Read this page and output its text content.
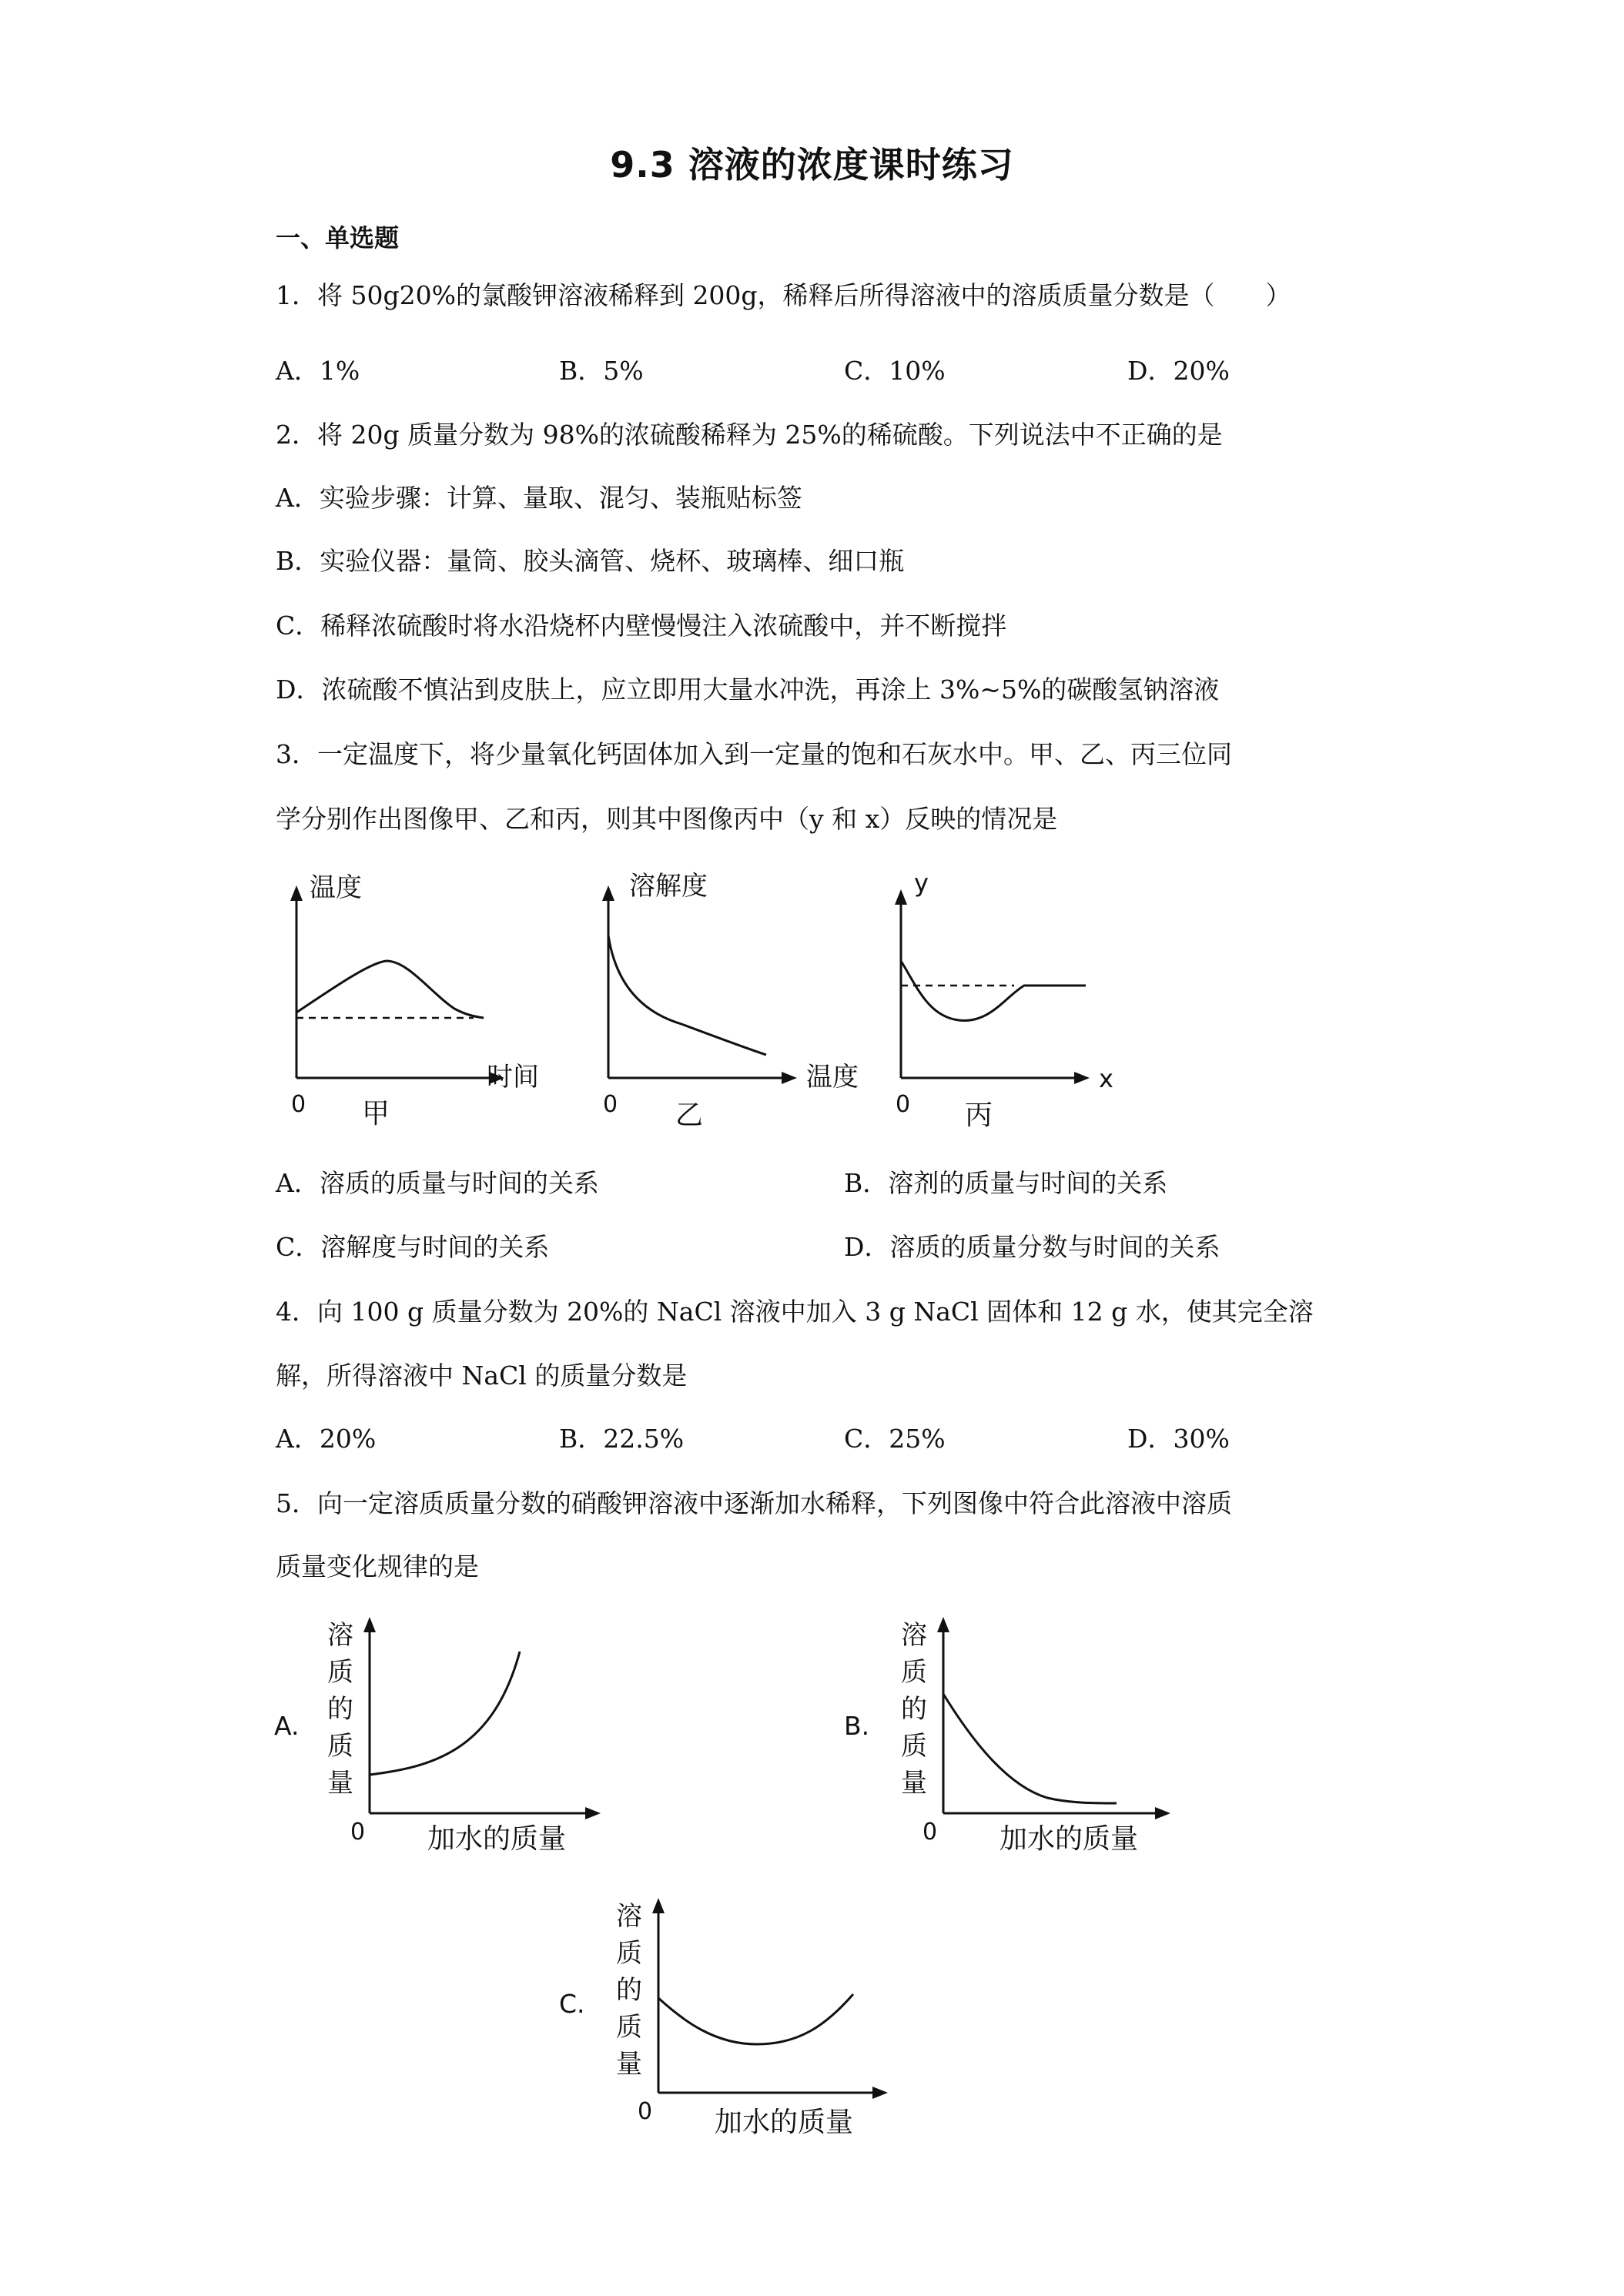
9.3 溶液的浓度课时练习
一、单选题
1．将 50g20%的氯酸钾溶液稀释到 200g，稀释后所得溶液中的溶质质量分数是（　　）
A．1%	B．5%	C．10%	D．20%
2．将 20g 质量分数为 98%的浓硫酸稀释为 25%的稀硫酸。下列说法中不正确的是
A．实验步骤：计算、量取、混匀、装瓶贴标签
B．实验仪器：量筒、胶头滴管、烧杯、玻璃棒、细口瓶
C．稀释浓硫酸时将水沿烧杯内壁慢慢注入浓硫酸中，并不断搅拌
D．浓硫酸不慎沾到皮肤上，应立即用大量水冲洗，再涂上 3%~5%的碳酸氢钠溶液
3．一定温度下，将少量氧化钙固体加入到一定量的饱和石灰水中。甲、乙、丙三位同
学分别作出图像甲、乙和丙，则其中图像丙中（y 和 x）反映的情况是
温度
时间
0 甲
溶解度
温度
0 乙
y
x
0 丙
A．溶质的质量与时间的关系	B．溶剂的质量与时间的关系
C．溶解度与时间的关系	D．溶质的质量分数与时间的关系
4．向 100 g 质量分数为 20%的 NaCl 溶液中加入 3 g NaCl 固体和 12 g 水，使其完全溶
解，所得溶液中 NaCl 的质量分数是
A．20%	B．22.5%	C．25%	D．30%
5．向一定溶质质量分数的硝酸钾溶液中逐渐加水稀释，下列图像中符合此溶液中溶质
质量变化规律的是
A.
溶
质
的
质
量
0 加水的质量
B.
溶
质
的
质
量
0 加水的质量
C.
溶
质
的
质
量
0 加水的质量
